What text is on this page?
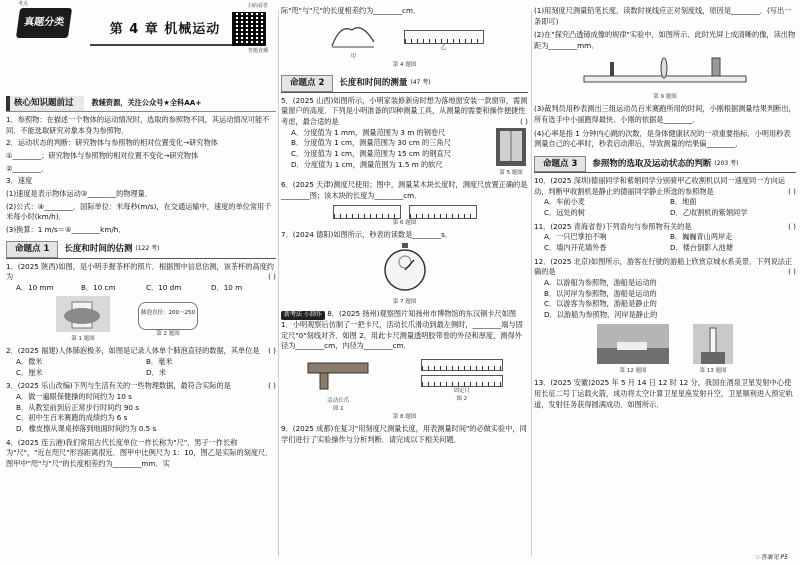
考点
真题分类	第 4 章 机械运动
扫码看答
答题直播
核心知识题前过	教辅资源，关注公众号★全科AA+

1．参照物：在描述一个物体的运动情况时，选取的参照物不同，其运动情况可能不同．不能选取研究对象本身为参照物．

2．运动状态的判断：研究物体与参照物的相对位置变化→研究物体

①________；研究物体与参照物的相对位置不变化→研究物体

②________．

3．速度

(1)速度是表示物体运动③________的物理量．

(2)公式：④________．国际单位：米每秒(m/s)，在交通运输中，速度的单位常用千米每小时(km/h)．

(3)换算：1 m/s＝⑤________km/h．

命题点 1	长度和时间的估测 (122 考)
1．(2025 陕西)如图，是小明手握茶杯的照片．根据图中信息估测，该茶杯的高度约为	( )
A．10 mm	B．10 cm	C．10 dm	D．10 m
第 1 题图
肺泡直径：200～250
第 2 题图
2．(2025 福建)人体肺泡极多，如图是记录人体单个肺泡直径的数据，其单位是 ( )
A．微米	B．毫米
C．厘米	D．米
3．(2025 乐山改编)下列与生活有关的一些物理数据，最符合实际的是	( )
A．做一遍眼保健操的时间约为 10 s
B．从教室前到后正常步行时间约 90 s
C．初中生百米赛跑的成绩约为 6 s
D．橡皮擦从课桌掉落到地面时间约为 0.5 s
4．(2025 连云港)我们常用古代长度单位一拃长称为"尺"，男子一拃长称为"尺"，"近在咫尺"形容距离很近．图甲中比例尺为 1：10，图乙是实际的刻度尺．图甲中"咫"与"尺"的长度相差约为________mm．实
际"咫"与"尺"的长度相差约为________cm．
甲
乙
第 4 题图
命题点 2	长度和时间的测量 (47 考)
5．(2025 山西)如图所示，小明家装修新房时想为落地窗安装一款窗帘，需测量窗户的高度．下列是小明准备的四种测量工具，从测量的需要和操作便捷性考虑，最合适的是	( )
A．分度值为 1 mm，测量范围为 3 m 的钢卷尺
B．分度值为 1 cm，测量范围为 30 cm 的三角尺
C．分度值为 1 cm，测量范围为 15 cm 的钢直尺
D．分度值为 1 cm，测量范围为 1.5 m 的软尺
第 5 题图
6．(2025 天津)测度尺使用；图中，测量某木块长度时，测度尺放置正确的是________图；该木块的长度为________cm．
第 6 题图
7．(2024 德阳)如图所示，秒表的读数是________s．
第 7 题图
新考法 小制作 8．(2025 扬州)观察图片知扬州市博物馆的东汉铜卡尺如图 1．小明观察后仿制了一把卡尺，活动长爪滑动到最左侧时，________端与固定尺"0"刻线对齐．如图 2，用此卡尺测量透明胶带卷的外径和厚度，测得外径为________cm，内径为________cm．
活动长爪
图 1
固定尺
图 2
第 8 题图
9．(2025 成都)在复习"用刻度尺测量长度，用表测量时间"的必做实验中，同学们进行了实验操作与分析判断．请完成以下相关问题．
(1)用刻度尺测量铅笔长度，读数时视线应正对刻度线，原因是________．(写出一条即可)
(2)在"探究凸透镜成像的规律"实验中，如图所示．此时光屏上成清晰的像，读出物距为________mm．
第 9 题图
(3)裁判员用秒表测出三组运动员百米赛跑所用的时间，小刚根据测量结果判断出，所有选手中小丽跑得最快．小刚的依据是________．
(4)心率是指 1 分钟内心跳的次数，是身体健康状况的一项重要指标．小明用秒表测量自己的心率时，秒表启动滞后，导致测量的结果偏________．
命题点 3	参照物的选取及运动状态的判断 (203 考)
10．(2025 深圳)德丽同学和紫娟同学分别骑甲乙收割机以同一速度同一方向运动，判断甲收割机是静止的德丽同学静止所选的参照物是	( )
A．车前小麦	B．地面
C．远处的树	D．乙收割机的紫娟同学
11．(2025 青海省卷)下列语句与参照物有关的是	( )
A．一只巴掌拍不响	B．巍巍青山两岸走
C．墙内开花墙外香	D．楼台倒影入池塘
12．(2025 北京)如图所示，游客在行驶的游船上欣赏京城水系美景．下列说法正确的是	( )
A．以游船为参照物，游船是运动的
B．以河岸为参照物，游船是运动的
C．以游客为参照物，游船是静止的
D．以游船为参照物，河岸是静止的
第 12 题图	第 13 题图
13．(2025 安徽)2025 年 5 月 14 日 12 时 12 分，我国在酒泉卫星发射中心使用长征二号丁运载火箭，成功将太空计算卫星星座发射升空，卫星顺利进入预定轨道，发射任务获得圆满成功．如图所示．
☞答案见 P5
